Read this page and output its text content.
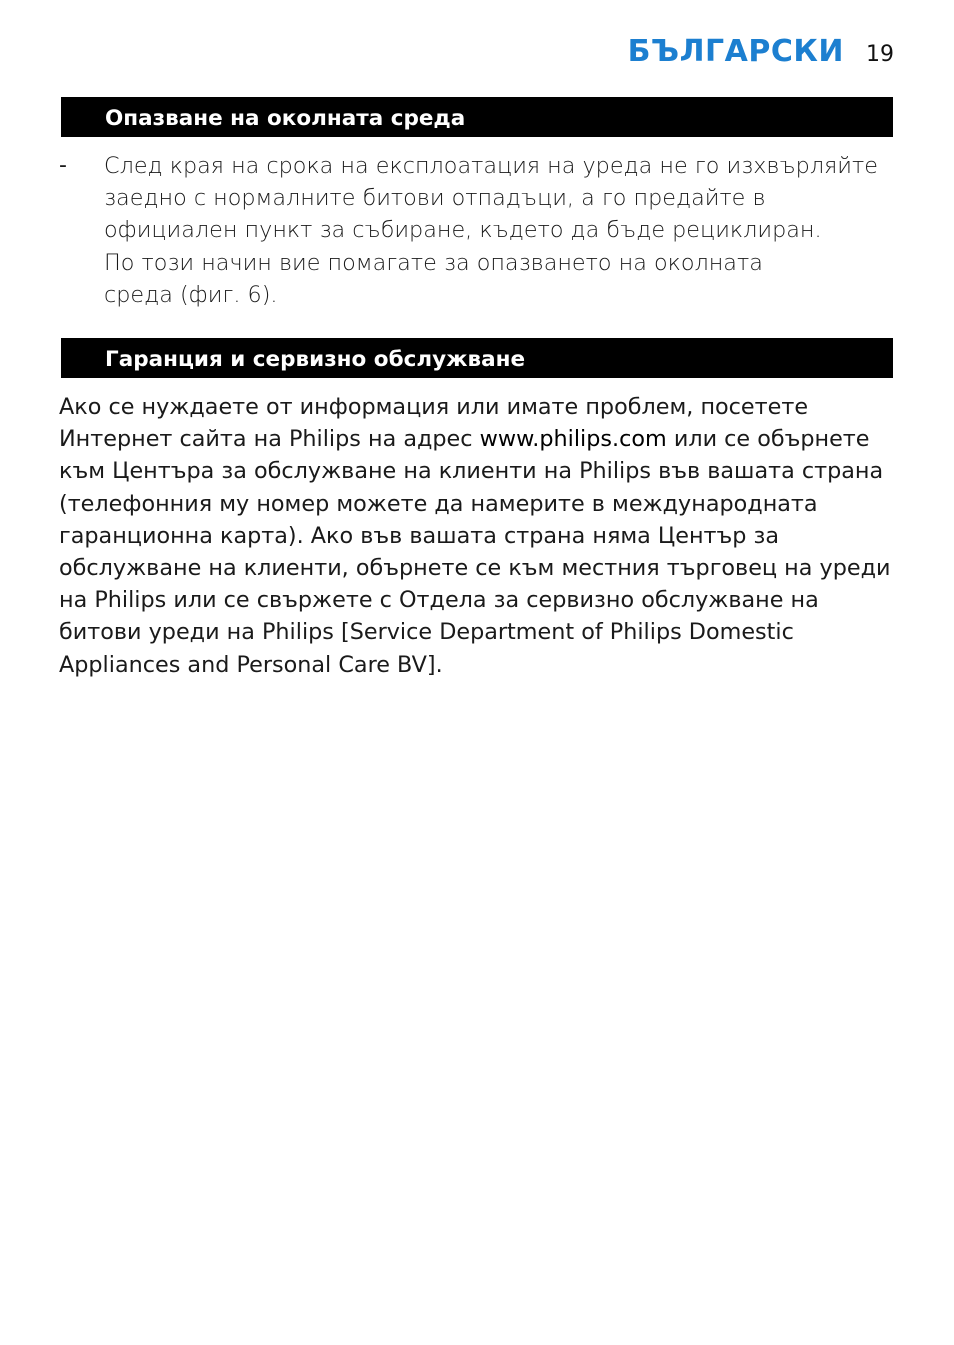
БЪЛГАРСКИ 19
Опазване на околната среда
- След края на срока на експлоатация на уреда не го изхвърляйте
заедно с нормалните битови отпадъци, а го предайте в
официален пункт за събиране, където да бъде рециклиран.
По този начин вие помагате за опазването на околната
среда (фиг. 6).
Гаранция и сервизно обслужване
Ако се нуждаете от информация или имате проблем, посетете
Интернет сайта на Philips на адрес www.philips.com или се обърнете
към Центъра за обслужване на клиенти на Philips във вашата страна
(телефонния му номер можете да намерите в международната
гаранционна карта). Ако във вашата страна няма Център за
обслужване на клиенти, обърнете се към местния търговец на уреди
на Philips или се свържете с Отдела за сервизно обслужване на
битови уреди на Philips [Service Department of Philips Domestic
Appliances and Personal Care BV].
